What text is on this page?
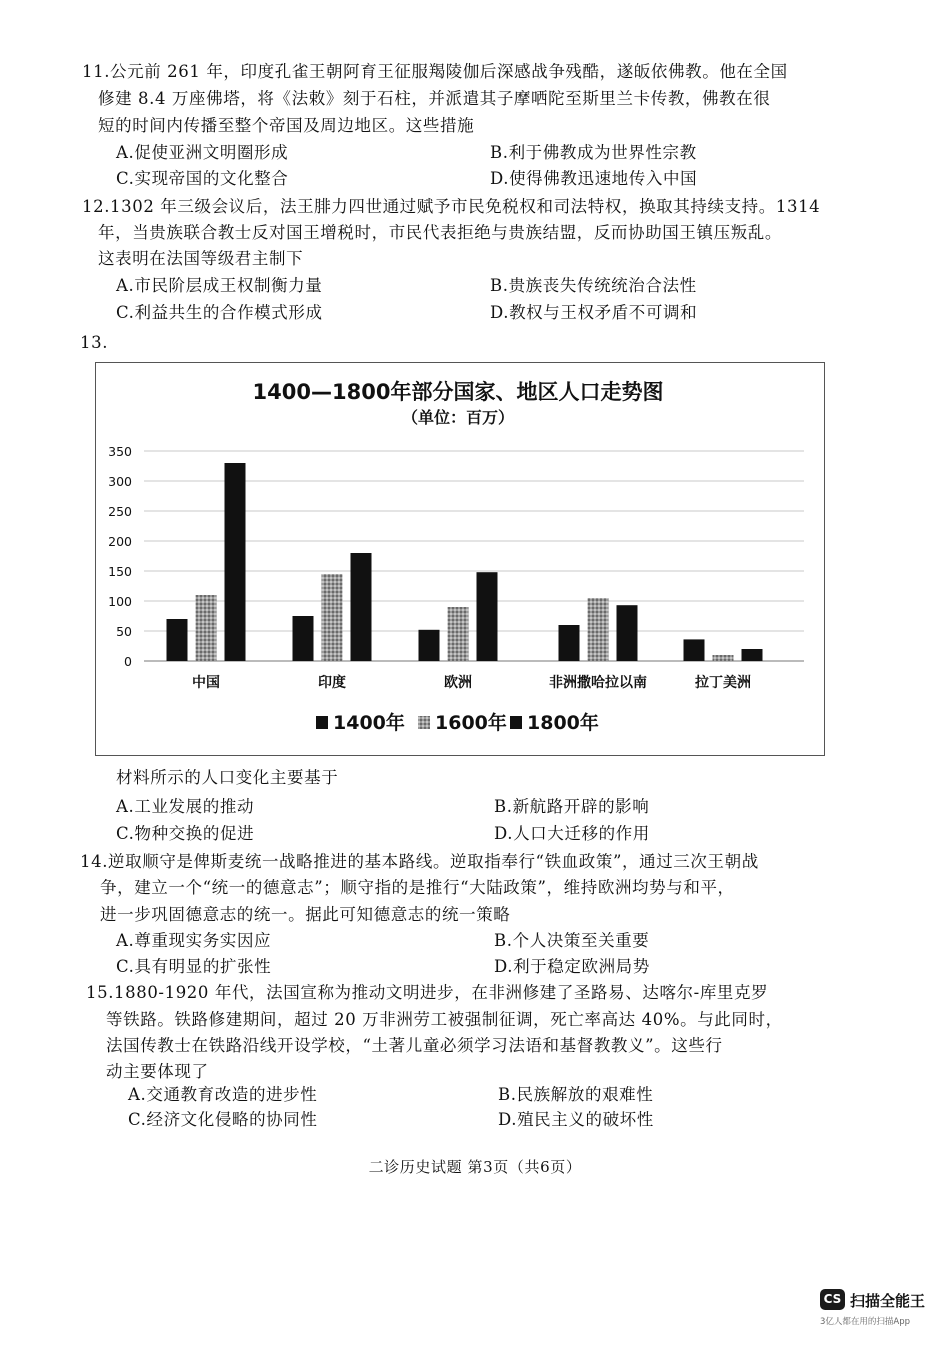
11.公元前 261 年，印度孔雀王朝阿育王征服羯陵伽后深感战争残酷，遂皈依佛教。他在全国
修建 8.4 万座佛塔，将《法敕》刻于石柱，并派遣其子摩哂陀至斯里兰卡传教，佛教在很
短的时间内传播至整个帝国及周边地区。这些措施
A.促使亚洲文明圈形成	B.利于佛教成为世界性宗教
C.实现帝国的文化整合	D.使得佛教迅速地传入中国
12.1302 年三级会议后，法王腓力四世通过赋予市民免税权和司法特权，换取其持续支持。1314
年，当贵族联合教士反对国王增税时，市民代表拒绝与贵族结盟，反而协助国王镇压叛乱。
这表明在法国等级君主制下
A.市民阶层成王权制衡力量	B.贵族丧失传统统治合法性
C.利益共生的合作模式形成	D.教权与王权矛盾不可调和
13.
1400—1800年部分国家、地区人口走势图
（单位：百万）
0
50
100
150
200
250
300
350
中国	印度	欧洲	非洲撒哈拉以南	拉丁美洲
1400年 1600年 1800年
材料所示的人口变化主要基于
A.工业发展的推动	B.新航路开辟的影响
C.物种交换的促进	D.人口大迁移的作用
14.逆取顺守是俾斯麦统一战略推进的基本路线。逆取指奉行“铁血政策”，通过三次王朝战
争，建立一个“统一的德意志”；顺守指的是推行“大陆政策”，维持欧洲均势与和平，
进一步巩固德意志的统一。据此可知德意志的统一策略
A.尊重现实务实因应	B.个人决策至关重要
C.具有明显的扩张性	D.利于稳定欧洲局势
15.1880-1920 年代，法国宣称为推动文明进步，在非洲修建了圣路易、达喀尔-库里克罗
等铁路。铁路修建期间，超过 20 万非洲劳工被强制征调，死亡率高达 40%。与此同时，
法国传教士在铁路沿线开设学校，“土著儿童必须学习法语和基督教教义”。这些行
动主要体现了
A.交通教育改造的进步性	B.民族解放的艰难性
C.经济文化侵略的协同性	D.殖民主义的破坏性
二诊历史试题 第3页（共6页）
CS 扫描全能王
3亿人都在用的扫描App
